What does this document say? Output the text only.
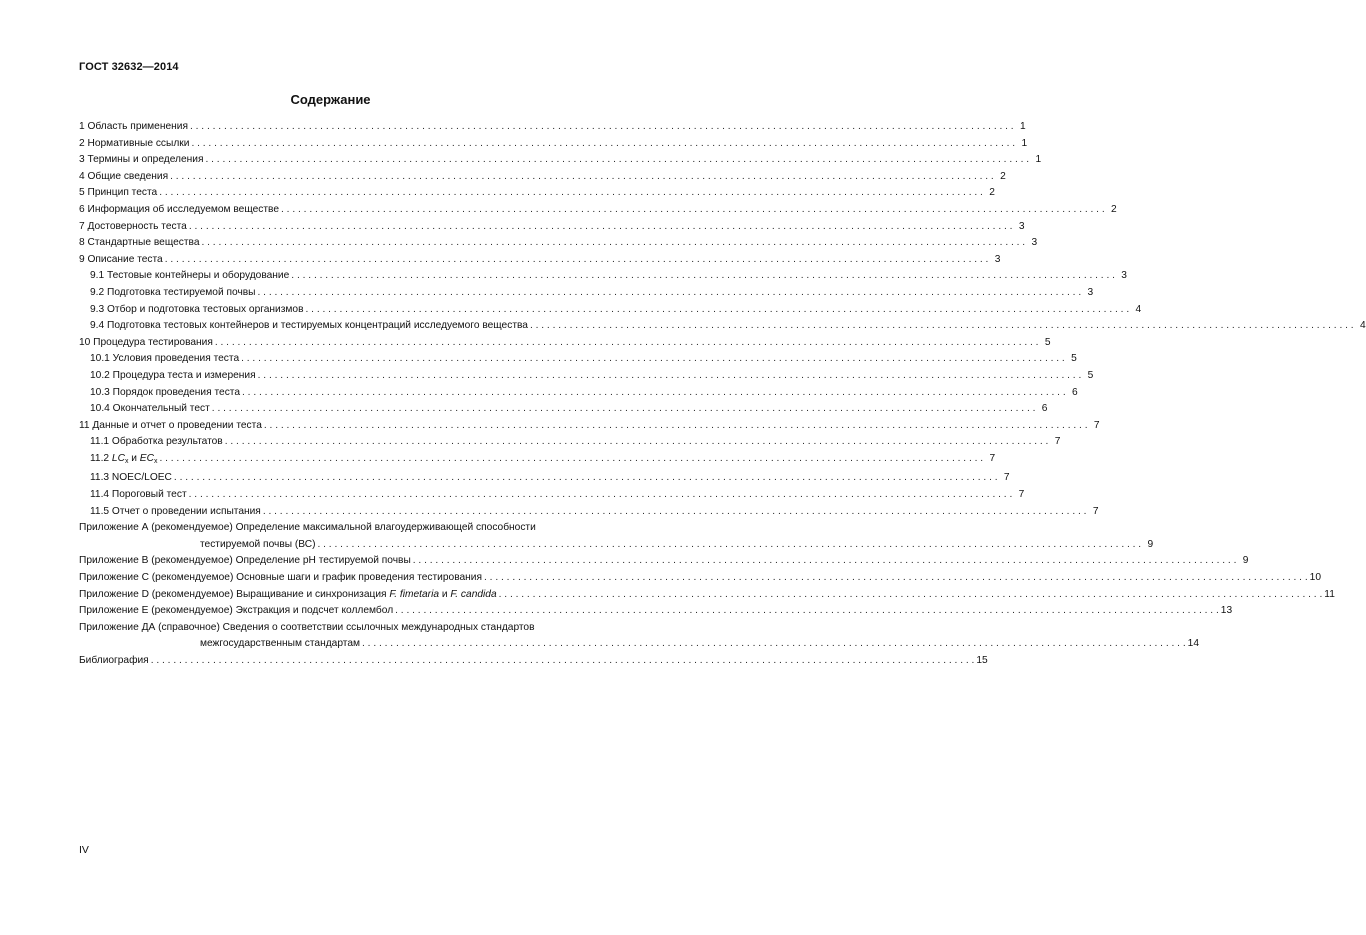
ГОСТ 32632—2014
Содержание
1 Область применения . . .	1
2 Нормативные ссылки . . .	1
3 Термины и определения . . .	1
4 Общие сведения . . .	2
5 Принцип теста . . .	2
6 Информация об исследуемом веществе . . .	2
7 Достоверность теста . . .	3
8 Стандартные вещества . . .	3
9 Описание теста . . .	3
9.1 Тестовые контейнеры и оборудование . . .	3
9.2 Подготовка тестируемой почвы . . .	3
9.3 Отбор и подготовка тестовых организмов . . .	4
9.4 Подготовка тестовых контейнеров и тестируемых концентраций исследуемого вещества . . .	4
10 Процедура тестирования . . .	5
10.1 Условия проведения теста . . .	5
10.2 Процедура теста и измерения . . .	5
10.3 Порядок проведения теста . . .	6
10.4 Окончательный тест . . .	6
11 Данные и отчет о проведении теста . . .	7
11.1 Обработка результатов . . .	7
11.2 $LC_x$ и $EC_x$ . . .	7
11.3 NOEC/LOEC . . .	7
11.4 Пороговый тест . . .	7
11.5 Отчет о проведении испытания . . .	7
Приложение А (рекомендуемое) Определение максимальной влагоудерживающей способности
тестируемой почвы (ВС) . . .	9
Приложение В (рекомендуемое) Определение рН тестируемой почвы . . .	9
Приложение С (рекомендуемое) Основные шаги и график проведения тестирования . . .	10
Приложение D (рекомендуемое) Выращивание и синхронизация F. fimetaria и F. candida . . .	11
Приложение Е (рекомендуемое) Экстракция и подсчет коллембол . . .	13
Приложение ДА (справочное) Сведения о соответствии ссылочных международных стандартов
межгосударственным стандартам . . .	14
Библиография . . .	15
IV
